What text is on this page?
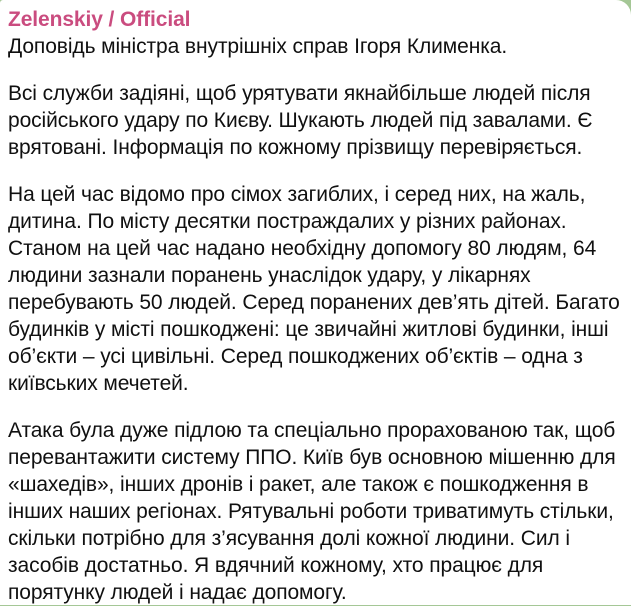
Zelenskiy / Official

Доповідь міністра внутрішніх справ Ігоря Клименка.

Всі служби задіяні, щоб урятувати якнайбільше людей після російського удару по Києву. Шукають людей під завалами. Є врятовані. Інформація по кожному прізвищу перевіряється.

На цей час відомо про сімох загиблих, і серед них, на жаль, дитина. По місту десятки постраждалих у різних районах. Станом на цей час надано необхідну допомогу 80 людям, 64 людини зазнали поранень унаслідок удару, у лікарнях перебувають 50 людей. Серед поранених дев’ять дітей. Багато будинків у місті пошкоджені: це звичайні житлові будинки, інші об’єкти – усі цивільні. Серед пошкоджених об’єктів – одна з київських мечетей.

Атака була дуже підлою та спеціально прорахованою так, щоб перевантажити систему ППО. Київ був основною мішенню для «шахедів», інших дронів і ракет, але також є пошкодження в інших наших регіонах. Рятувальні роботи триватимуть стільки, скільки потрібно для з’ясування долі кожної людини. Сил і засобів достатньо. Я вдячний кожному, хто працює для порятунку людей і надає допомогу.
